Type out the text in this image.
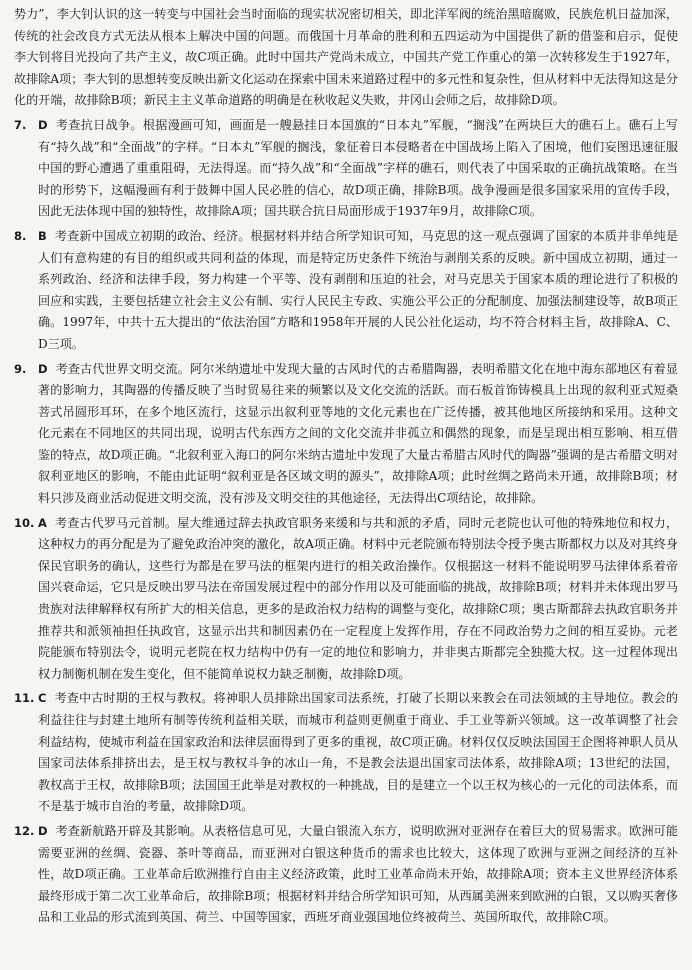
势力”，李大钊认识的这一转变与中国社会当时面临的现实状况密切相关，即北洋军阀的统治黑暗腐败，民族危机日益加深，传统的社会改良方式无法从根本上解决中国的问题。而俄国十月革命的胜利和五四运动为中国提供了新的借鉴和启示，促使李大钊将目光投向了共产主义，故C项正确。此时中国共产党尚未成立，中国共产党工作重心的第一次转移发生于1927年，故排除A项；李大钊的思想转变反映出新文化运动在探索中国未来道路过程中的多元性和复杂性，但从材料中无法得知这是分化的开端，故排除B项；新民主主义革命道路的明确是在秋收起义失败，井冈山会师之后，故排除D项。

7.	D 考查抗日战争。根据漫画可知，画面是一艘悬挂日本国旗的“日本丸”军舰，“搁浅”在两块巨大的礁石上。礁石上写有“持久战”和“全面战”的字样。“日本丸”军舰的搁浅，象征着日本侵略者在中国战场上陷入了困境，他们妄图迅速征服中国的野心遭遇了重重阻碍，无法得逞。而“持久战”和“全面战”字样的礁石，则代表了中国采取的正确抗战策略。在当时的形势下，这幅漫画有利于鼓舞中国人民必胜的信心，故D项正确，排除B项。战争漫画是很多国家采用的宣传手段，因此无法体现中国的独特性，故排除A项；国共联合抗日局面形成于1937年9月，故排除C项。
8.	B 考查新中国成立初期的政治、经济。根据材料并结合所学知识可知，马克思的这一观点强调了国家的本质并非单纯是人们有意构建的有目的组织或共同利益的体现，而是特定历史条件下统治与剥削关系的反映。新中国成立初期，通过一系列政治、经济和法律手段，努力构建一个平等、没有剥削和压迫的社会，对马克思关于国家本质的理论进行了积极的回应和实践，主要包括建立社会主义公有制、实行人民民主专政、实施公平公正的分配制度、加强法制建设等，故B项正确。1997年，中共十五大提出的“依法治国”方略和1958年开展的人民公社化运动，均不符合材料主旨，故排除A、C、D三项。
9.	D 考查古代世界文明交流。阿尔米纳遗址中发现大量的古风时代的古希腊陶器，表明希腊文化在地中海东部地区有着显著的影响力，其陶器的传播反映了当时贸易往来的频繁以及文化交流的活跃。而石板首饰铸模具上出现的叙利亚式短桑菩式吊圆形耳环，在多个地区流行，这显示出叙利亚等地的文化元素也在广泛传播，被其他地区所接纳和采用。这种文化元素在不同地区的共同出现，说明古代东西方之间的文化交流并非孤立和偶然的现象，而是呈现出相互影响、相互借鉴的特点，故D项正确。“北叙利亚入海口的阿尔米纳古遗址中发现了大量古希腊古风时代的陶器”强调的是古希腊文明对叙利亚地区的影响，不能由此证明“叙利亚是各区域文明的源头”，故排除A项；此时丝绸之路尚未开通，故排除B项；材料只涉及商业活动促进文明交流，没有涉及文明交往的其他途径，无法得出C项结论，故排除。
10. A 考查古代罗马元首制。屋大维通过辞去执政官职务来缓和与共和派的矛盾，同时元老院也认可他的特殊地位和权力，这种权力的再分配是为了避免政治冲突的激化，故A项正确。材料中元老院颁布特别法令授予奥古斯都权力以及对其终身保民官职务的确认，这些行为都是在罗马法的框架内进行的相关政治操作。仅根据这一材料不能说明罗马法律体系着帝国兴衰命运，它只是反映出罗马法在帝国发展过程中的部分作用以及可能面临的挑战，故排除B项；材料并未体现出罗马贵族对法律解释权有所扩大的相关信息，更多的是政治权力结构的调整与变化，故排除C项；奥古斯都辞去执政官职务并推荐共和派领袖担任执政官，这显示出共和制因素仍在一定程度上发挥作用，存在不同政治势力之间的相互妥协。元老院能颁布特别法令，说明元老院在权力结构中仍有一定的地位和影响力，并非奥古斯都完全独揽大权。这一过程体现出权力制衡机制在发生变化，但不能简单说权力缺乏制衡，故排除D项。
11. C 考查中古时期的王权与教权。将神职人员排除出国家司法系统，打破了长期以来教会在司法领域的主导地位。教会的利益往往与封建土地所有制等传统利益相关联，而城市利益则更侧重于商业、手工业等新兴领域。这一改革调整了社会利益结构，使城市利益在国家政治和法律层面得到了更多的重视，故C项正确。材料仅仅反映法国国王企图将神职人员从国家司法体系排挤出去，是王权与教权斗争的冰山一角，不是教会法退出国家司法体系，故排除A项；13世纪的法国，教权高于王权，故排除B项；法国国王此举是对教权的一种挑战，目的是建立一个以王权为核心的一元化的司法体系，而不是基于城市自治的考量，故排除D项。
12. D 考查新航路开辟及其影响。从表格信息可见，大量白银流入东方，说明欧洲对亚洲存在着巨大的贸易需求。欧洲可能需要亚洲的丝绸、瓷器、茶叶等商品，而亚洲对白银这种货币的需求也比较大，这体现了欧洲与亚洲之间经济的互补性，故D项正确。工业革命后欧洲推行自由主义经济政策，此时工业革命尚未开始，故排除A项；资本主义世界经济体系最终形成于第二次工业革命后，故排除B项；根据材料并结合所学知识可知，从西属美洲来到欧洲的白银，又以购买奢侈品和工业品的形式流到英国、荷兰、中国等国家，西班牙商业强国地位终被荷兰、英国所取代，故排除C项。
